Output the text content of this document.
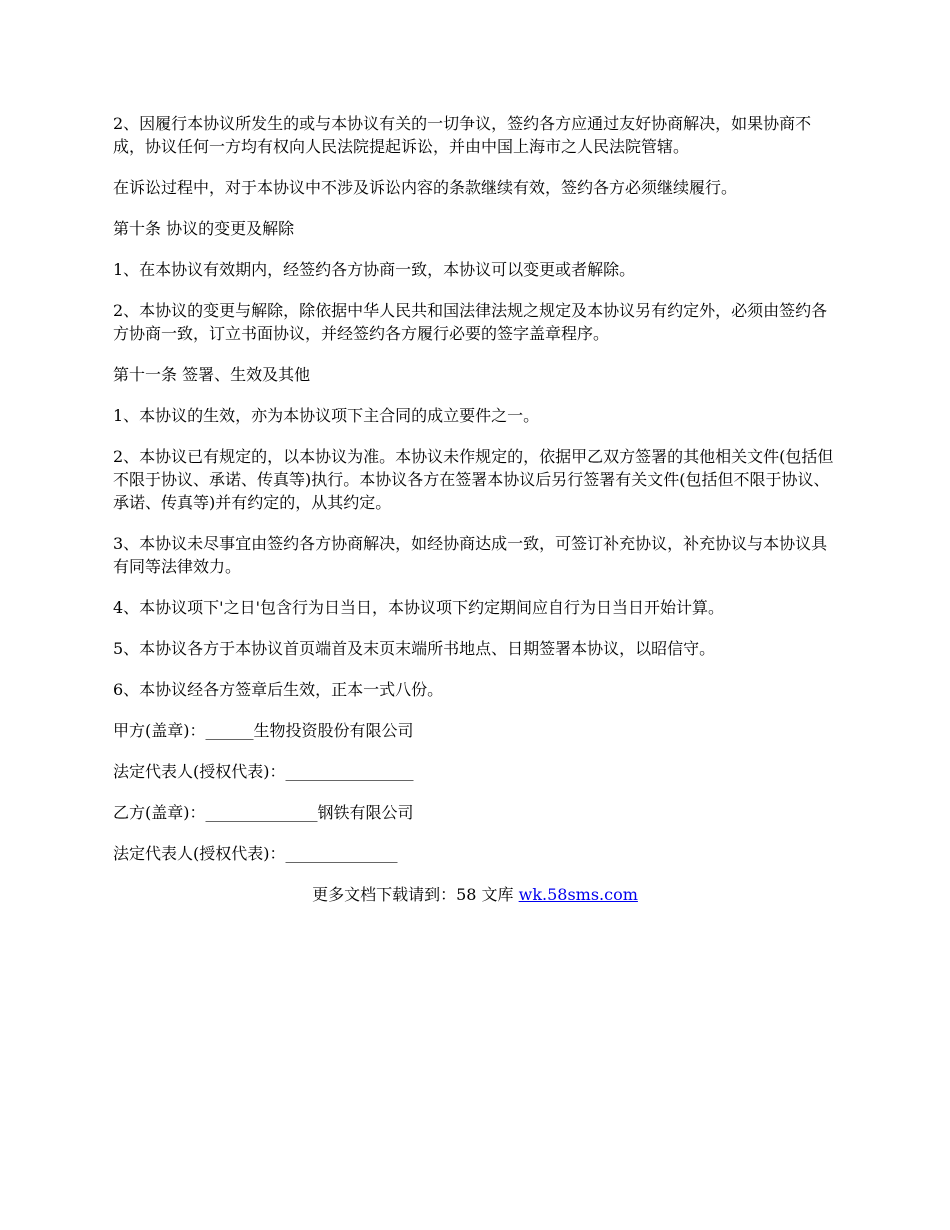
2、因履行本协议所发生的或与本协议有关的一切争议，签约各方应通过友好协商解决，如果协商不成，协议任何一方均有权向人民法院提起诉讼，并由中国上海市之人民法院管辖。

在诉讼过程中，对于本协议中不涉及诉讼内容的条款继续有效，签约各方必须继续履行。

第十条 协议的变更及解除

1、在本协议有效期内，经签约各方协商一致，本协议可以变更或者解除。

2、本协议的变更与解除，除依据中华人民共和国法律法规之规定及本协议另有约定外，必须由签约各方协商一致，订立书面协议，并经签约各方履行必要的签字盖章程序。

第十一条 签署、生效及其他

1、本协议的生效，亦为本协议项下主合同的成立要件之一。

2、本协议已有规定的，以本协议为准。本协议未作规定的，依据甲乙双方签署的其他相关文件(包括但不限于协议、承诺、传真等)执行。本协议各方在签署本协议后另行签署有关文件(包括但不限于协议、承诺、传真等)并有约定的，从其约定。

3、本协议未尽事宜由签约各方协商解决，如经协商达成一致，可签订补充协议，补充协议与本协议具有同等法律效力。

4、本协议项下'之日'包含行为日当日，本协议项下约定期间应自行为日当日开始计算。

5、本协议各方于本协议首页端首及末页末端所书地点、日期签署本协议，以昭信守。

6、本协议经各方签章后生效，正本一式八份。

甲方(盖章)：______生物投资股份有限公司

法定代表人(授权代表)：________________

乙方(盖章)：______________钢铁有限公司

法定代表人(授权代表)：______________

更多文档下载请到：58 文库 wk.58sms.com
